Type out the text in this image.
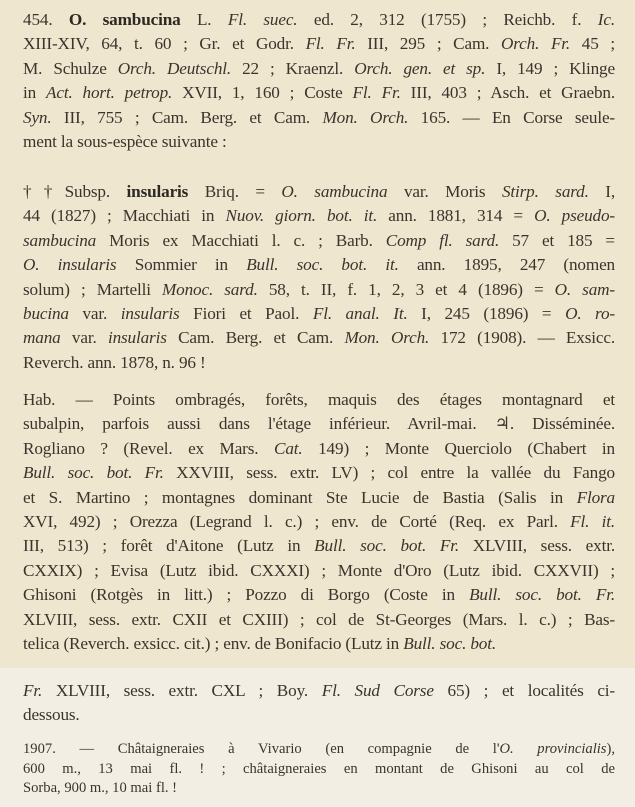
454. O. sambucina L. Fl. suec. ed. 2, 312 (1755) ; Reichb. f. Ic.
XIII-XIV, 64, t. 60 ; Gr. et Godr. Fl. Fr. III, 295 ; Cam. Orch. Fr. 45 ;
M. Schulze Orch. Deutschl. 22 ; Kraenzl. Orch. gen. et sp. I, 149 ; Klinge
in Act. hort. petrop. XVII, 1, 160 ; Coste Fl. Fr. III, 403 ; Asch. et Graebn.
Syn. III, 755 ; Cam. Berg. et Cam. Mon. Orch. 165. — En Corse seule-
ment la sous-espèce suivante :
††Subsp. insularis Briq. = O. sambucina var. Moris Stirp. sard. I,
44 (1827) ; Macchiati in Nuov. giorn. bot. it. ann. 1881, 314 = O. pseudo-
sambucina Moris ex Macchiati l. c. ; Barb. Comp fl. sard. 57 et 185 =
O. insularis Sommier in Bull. soc. bot. it. ann. 1895, 247 (nomen
solum) ; Martelli Monoc. sard. 58, t. II, f. 1, 2, 3 et 4 (1896) = O. sam-
bucina var. insularis Fiori et Paol. Fl. anal. It. I, 245 (1896) = O. ro-
mana var. insularis Cam. Berg. et Cam. Mon. Orch. 172 (1908). — Exsicc.
Reverch. ann. 1878, n. 96 !
Hab. — Points ombragés, forêts, maquis des étages montagnard et
subalpin, parfois aussi dans l'étage inférieur. Avril-mai. ♃. Disséminée.
Rogliano ? (Revel. ex Mars. Cat. 149) ; Monte Querciolo (Chabert in
Bull. soc. bot. Fr. XXVIII, sess. extr. LV) ; col entre la vallée du Fango
et S. Martino ; montagnes dominant Ste Lucie de Bastia (Salis in Flora
XVI, 492) ; Orezza (Legrand l. c.) ; env. de Corté (Req. ex Parl. Fl. it.
III, 513) ; forêt d'Aitone (Lutz in Bull. soc. bot. Fr. XLVIII, sess. extr.
CXXIX) ; Evisa (Lutz ibid. CXXXI) ; Monte d'Oro (Lutz ibid. CXXVII) ;
Ghisoni (Rotgès in litt.) ; Pozzo di Borgo (Coste in Bull. soc. bot. Fr.
XLVIII, sess. extr. CXII et CXIII) ; col de St-Georges (Mars. l. c.) ; Bas-
telica (Reverch. exsicc. cit.) ; env. de Bonifacio (Lutz in Bull. soc. bot.
Fr. XLVIII, sess. extr. CXL ; Boy. Fl. Sud Corse 65) ; et localités ci-
dessous.
1907. — Châtaigneraies à Vivario (en compagnie de l'O. provincialis),
600 m., 13 mai fl. ! ; châtaigneraies en montant de Ghisoni au col de
Sorba, 900 m., 10 mai fl. !
